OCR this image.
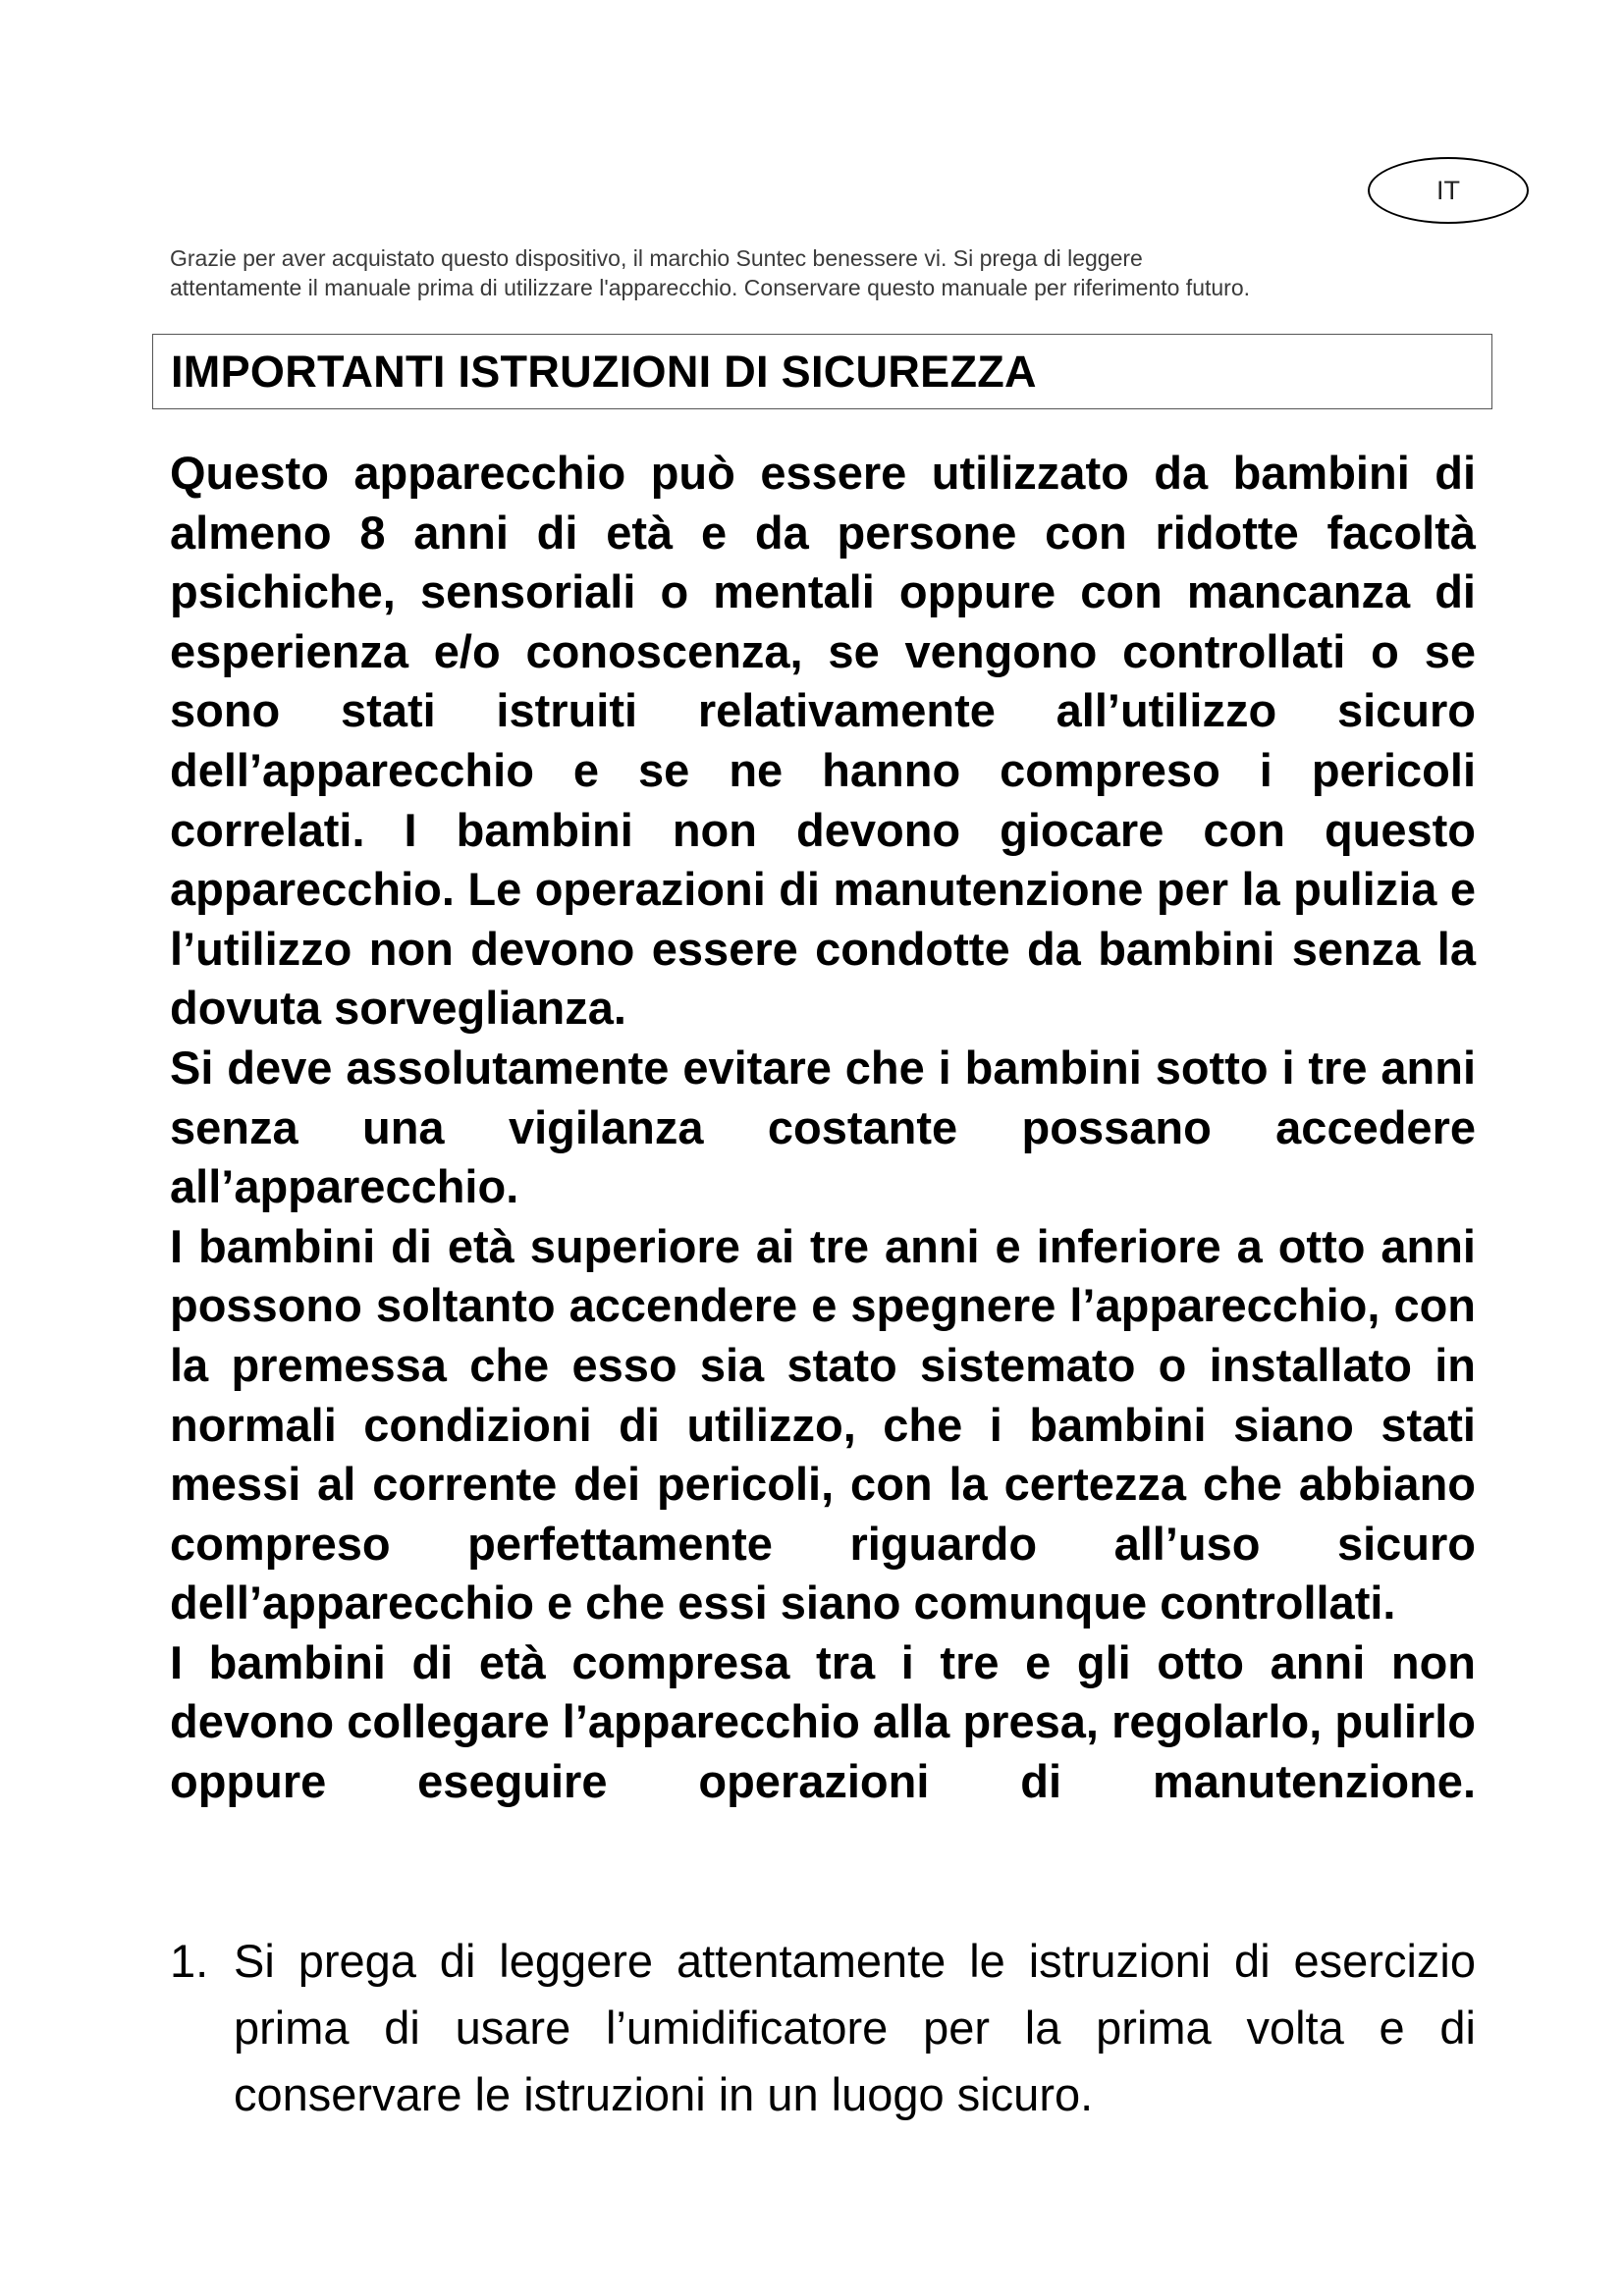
IT

Grazie per aver acquistato questo dispositivo, il marchio Suntec benessere vi. Si prega di leggere

attentamente il manuale prima di utilizzare l'apparecchio. Conservare questo manuale per riferimento futuro.

IMPORTANTI ISTRUZIONI DI SICUREZZA

Questo apparecchio può essere utilizzato da bambini di almeno 8 anni di età e da persone con ridotte facoltà psichiche, sensoriali o mentali oppure con mancanza di esperienza e/o conoscenza, se vengono controllati o se sono stati istruiti relativamente all’utilizzo sicuro dell’apparecchio e se ne hanno compreso i pericoli correlati. I bambini non devono giocare con questo apparecchio. Le operazioni di manutenzione per la pulizia e l’utilizzo non devono essere condotte da bambini senza la dovuta sorveglianza.

Si deve assolutamente evitare che i bambini sotto i tre anni senza una vigilanza costante possano accedere all’apparecchio.

I bambini di età superiore ai tre anni e inferiore a otto anni possono soltanto accendere e spegnere l’apparecchio, con la premessa che esso sia stato sistemato o installato in normali condizioni di utilizzo, che i bambini siano stati messi al corrente dei pericoli, con la certezza che abbiano compreso perfettamente riguardo all’uso sicuro dell’apparecchio e che essi siano comunque controllati.

I bambini di età compresa tra i tre e gli otto anni non devono collegare l’apparecchio alla presa, regolarlo, pulirlo oppure eseguire operazioni di manutenzione.

1. Si prega di leggere attentamente le istruzioni di esercizio prima di usare l’umidificatore per la prima volta e di conservare le istruzioni in un luogo sicuro.
